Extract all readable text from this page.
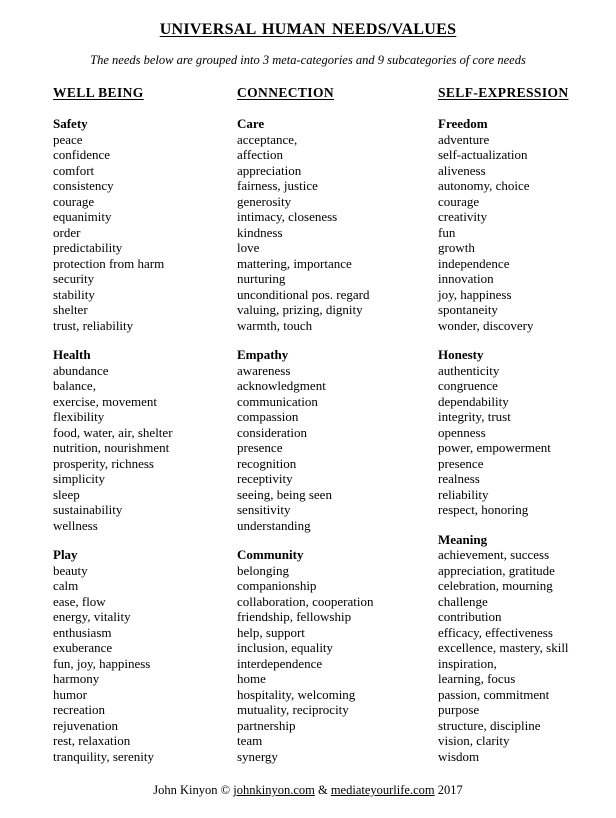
UNIVERSAL HUMAN NEEDS/VALUES
The needs below are grouped into 3 meta-categories and 9 subcategories of core needs
WELL BEING
Safety
peace
confidence
comfort
consistency
courage
equanimity
order
predictability
protection from harm
security
stability
shelter
trust, reliability
Health
abundance
balance,
exercise, movement
flexibility
food, water, air, shelter
nutrition, nourishment
prosperity, richness
simplicity
sleep
sustainability
wellness
Play
beauty
calm
ease, flow
energy, vitality
enthusiasm
exuberance
fun, joy, happiness
harmony
humor
recreation
rejuvenation
rest, relaxation
tranquility, serenity
CONNECTION
Care
acceptance,
affection
appreciation
fairness, justice
generosity
intimacy, closeness
kindness
love
mattering, importance
nurturing
unconditional pos. regard
valuing, prizing, dignity
warmth, touch
Empathy
awareness
acknowledgment
communication
compassion
consideration
presence
recognition
receptivity
seeing, being seen
sensitivity
understanding
Community
belonging
companionship
collaboration, cooperation
friendship, fellowship
help, support
inclusion, equality
interdependence
home
hospitality, welcoming
mutuality, reciprocity
partnership
team
synergy
SELF-EXPRESSION
Freedom
adventure
self-actualization
aliveness
autonomy, choice
courage
creativity
fun
growth
independence
innovation
joy, happiness
spontaneity
wonder, discovery
Honesty
authenticity
congruence
dependability
integrity, trust
openness
power, empowerment
presence
realness
reliability
respect, honoring
Meaning
achievement, success
appreciation, gratitude
celebration, mourning
challenge
contribution
efficacy, effectiveness
excellence, mastery, skill
inspiration,
learning, focus
passion, commitment
purpose
structure, discipline
vision, clarity
wisdom
John Kinyon © johnkinyon.com & mediateyourlife.com 2017
